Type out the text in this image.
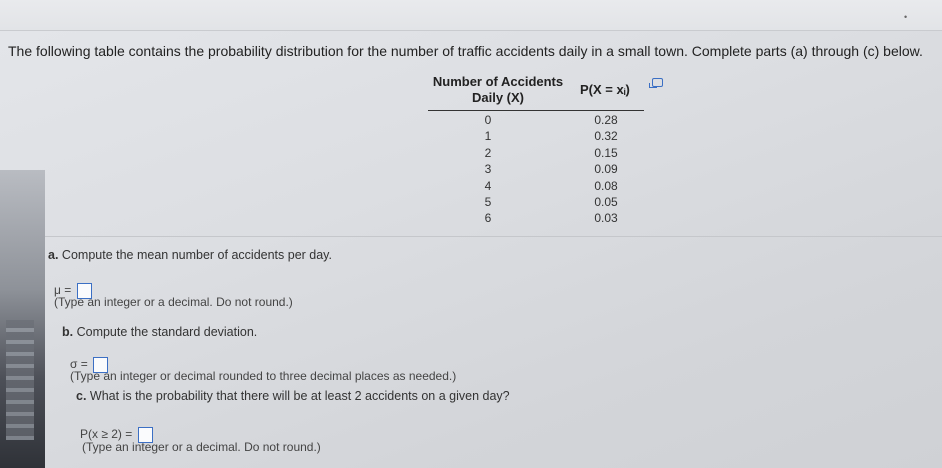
•
The following table contains the probability distribution for the number of traffic accidents daily in a small town. Complete parts (a) through (c) below.
Number of Accidents
Daily (X)
P(X = xᵢ)
0	0.28
1	0.32
2	0.15
3	0.09
4	0.08
5	0.05
6	0.03
a. Compute the mean number of accidents per day.
μ =
(Type an integer or a decimal. Do not round.)
b. Compute the standard deviation.
σ =
(Type an integer or decimal rounded to three decimal places as needed.)
c. What is the probability that there will be at least 2 accidents on a given day?
P(x ≥ 2) =
(Type an integer or a decimal. Do not round.)
